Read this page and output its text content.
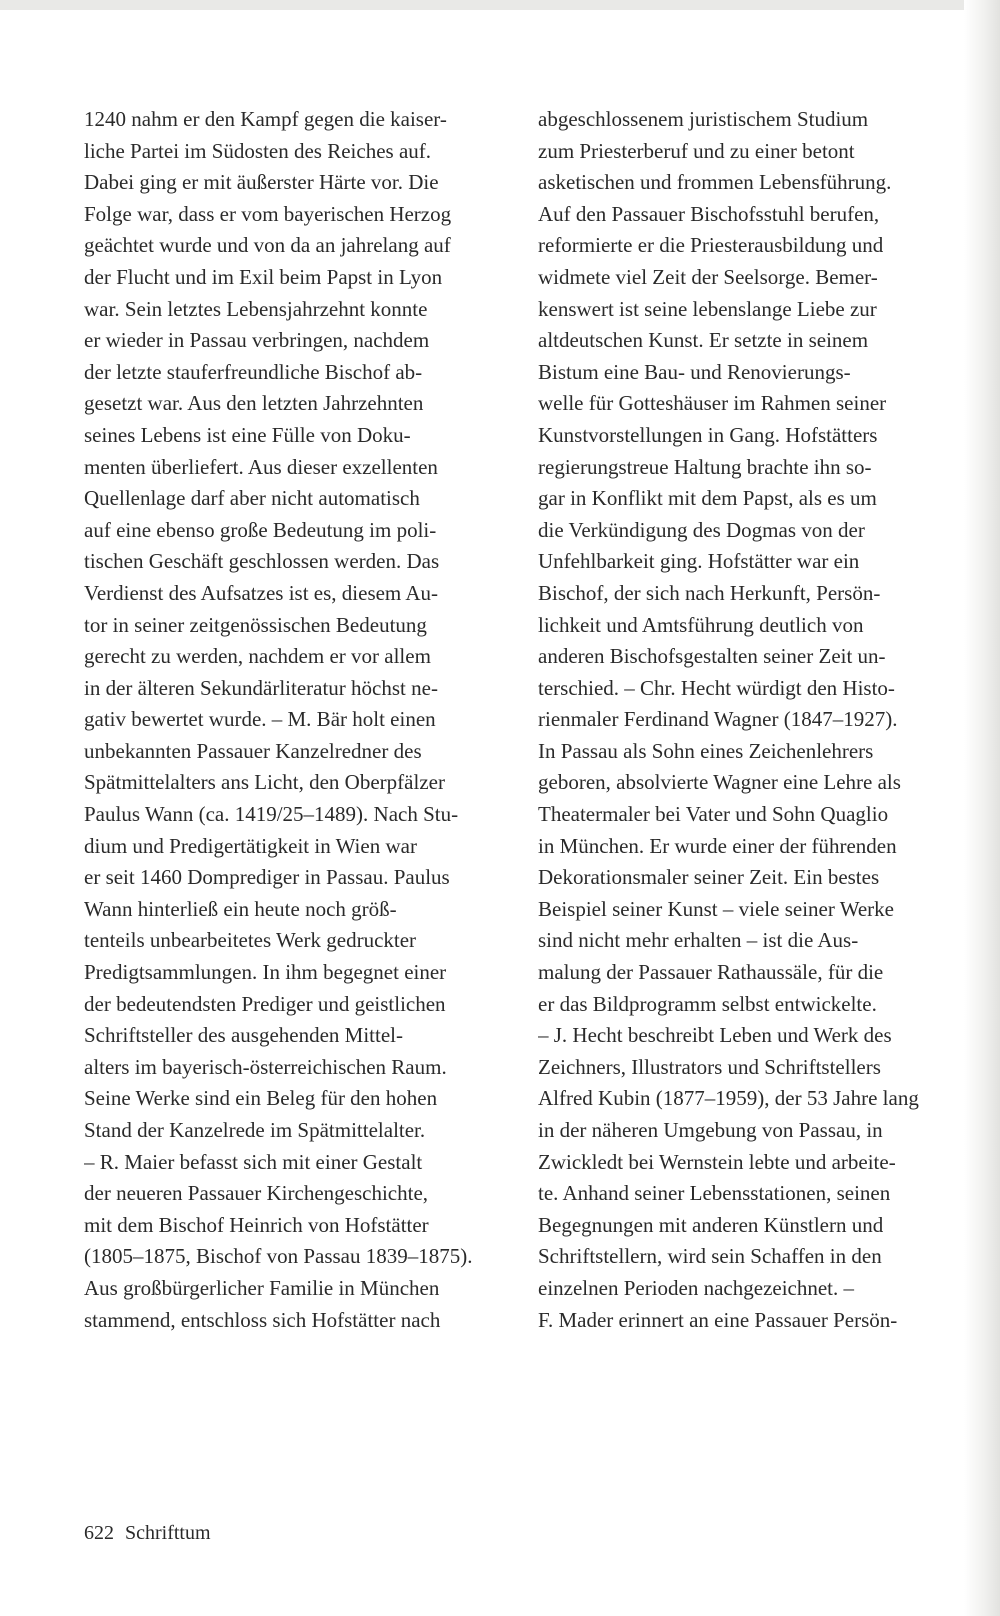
1240 nahm er den Kampf gegen die kaiser-
liche Partei im Südosten des Reiches auf.
Dabei ging er mit äußerster Härte vor. Die
Folge war, dass er vom bayerischen Herzog
geächtet wurde und von da an jahrelang auf
der Flucht und im Exil beim Papst in Lyon
war. Sein letztes Lebensjahrzehnt konnte
er wieder in Passau verbringen, nachdem
der letzte stauferfreundliche Bischof ab-
gesetzt war. Aus den letzten Jahrzehnten
seines Lebens ist eine Fülle von Doku-
menten überliefert. Aus dieser exzellenten
Quellenlage darf aber nicht automatisch
auf eine ebenso große Bedeutung im poli-
tischen Geschäft geschlossen werden. Das
Verdienst des Aufsatzes ist es, diesem Au-
tor in seiner zeitgenössischen Bedeutung
gerecht zu werden, nachdem er vor allem
in der älteren Sekundärliteratur höchst ne-
gativ bewertet wurde. – M. Bär holt einen
unbekannten Passauer Kanzelredner des
Spätmittelalters ans Licht, den Oberpfälzer
Paulus Wann (ca. 1419/25–1489). Nach Stu-
dium und Predigertätigkeit in Wien war
er seit 1460 Domprediger in Passau. Paulus
Wann hinterließ ein heute noch größ-
tenteils unbearbeitetes Werk gedruckter
Predigtsammlungen. In ihm begegnet einer
der bedeutendsten Prediger und geistlichen
Schriftsteller des ausgehenden Mittel-
alters im bayerisch-österreichischen Raum.
Seine Werke sind ein Beleg für den hohen
Stand der Kanzelrede im Spätmittelalter.
– R. Maier befasst sich mit einer Gestalt
der neueren Passauer Kirchengeschichte,
mit dem Bischof Heinrich von Hofstätter
(1805–1875, Bischof von Passau 1839–1875).
Aus großbürgerlicher Familie in München
stammend, entschloss sich Hofstätter nach
abgeschlossenem juristischem Studium
zum Priesterberuf und zu einer betont
asketischen und frommen Lebensführung.
Auf den Passauer Bischofsstuhl berufen,
reformierte er die Priesterausbildung und
widmete viel Zeit der Seelsorge. Bemer-
kenswert ist seine lebenslange Liebe zur
altdeutschen Kunst. Er setzte in seinem
Bistum eine Bau- und Renovierungs-
welle für Gotteshäuser im Rahmen seiner
Kunstvorstellungen in Gang. Hofstätters
regierungstreue Haltung brachte ihn so-
gar in Konflikt mit dem Papst, als es um
die Verkündigung des Dogmas von der
Unfehlbarkeit ging. Hofstätter war ein
Bischof, der sich nach Herkunft, Persön-
lichkeit und Amtsführung deutlich von
anderen Bischofsgestalten seiner Zeit un-
terschied. – Chr. Hecht würdigt den Histo-
rienmaler Ferdinand Wagner (1847–1927).
In Passau als Sohn eines Zeichenlehrers
geboren, absolvierte Wagner eine Lehre als
Theatermaler bei Vater und Sohn Quaglio
in München. Er wurde einer der führenden
Dekorationsmaler seiner Zeit. Ein bestes
Beispiel seiner Kunst – viele seiner Werke
sind nicht mehr erhalten – ist die Aus-
malung der Passauer Rathaussäle, für die
er das Bildprogramm selbst entwickelte.
– J. Hecht beschreibt Leben und Werk des
Zeichners, Illustrators und Schriftstellers
Alfred Kubin (1877–1959), der 53 Jahre lang
in der näheren Umgebung von Passau, in
Zwickledt bei Wernstein lebte und arbeite-
te. Anhand seiner Lebensstationen, seinen
Begegnungen mit anderen Künstlern und
Schriftstellern, wird sein Schaffen in den
einzelnen Perioden nachgezeichnet. –
F. Mader erinnert an eine Passauer Persön-
622 Schrifttum
